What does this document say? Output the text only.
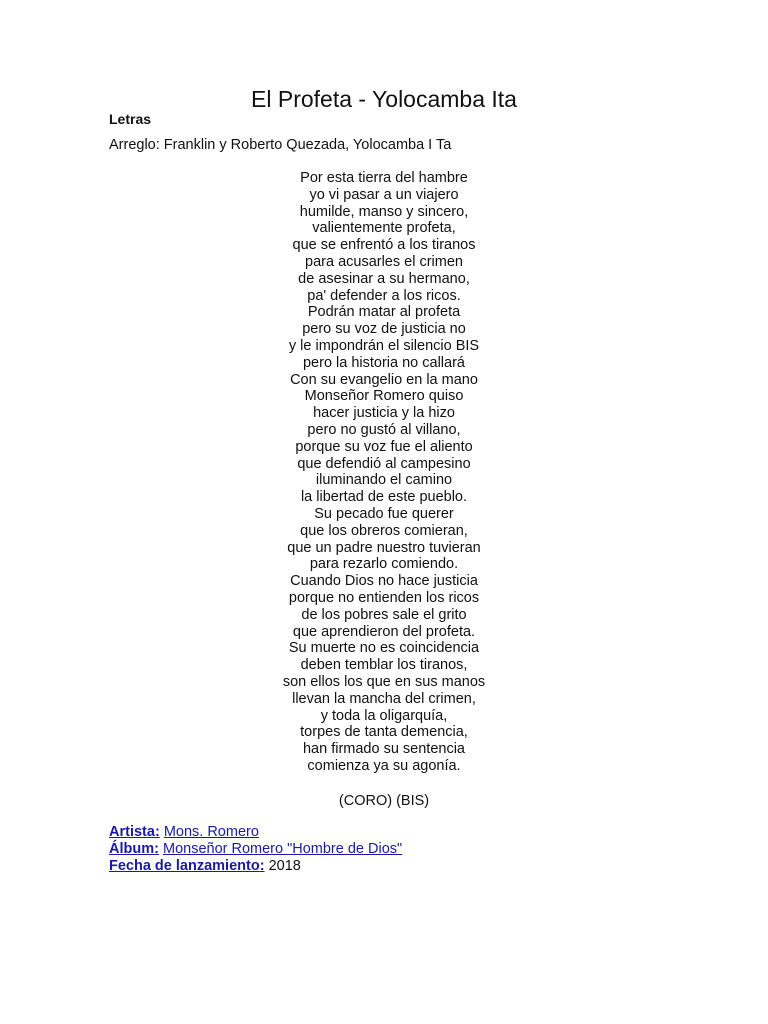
El Profeta - Yolocamba Ita
Letras
Arreglo: Franklin y Roberto Quezada, Yolocamba I Ta
Por esta tierra del hambre
yo vi pasar a un viajero
humilde, manso y sincero,
valientemente profeta,
que se enfrentó a los tiranos
para acusarles el crimen
de asesinar a su hermano,
pa' defender a los ricos.
Podrán matar al profeta
pero su voz de justicia no
y le impondrán el silencio BIS
pero la historia no callará
Con su evangelio en la mano
Monseñor Romero quiso
hacer justicia y la hizo
pero no gustó al villano,
porque su voz fue el aliento
que defendió al campesino
iluminando el camino
la libertad de este pueblo.
Su pecado fue querer
que los obreros comieran,
que un padre nuestro tuvieran
para rezarlo comiendo.
Cuando Dios no hace justicia
porque no entienden los ricos
de los pobres sale el grito
que aprendieron del profeta.
Su muerte no es coincidencia
deben temblar los tiranos,
son ellos los que en sus manos
llevan la mancha del crimen,
y toda la oligarquía,
torpes de tanta demencia,
han firmado su sentencia
comienza ya su agonía.
(CORO) (BIS)

Artista: Mons. Romero

Álbum: Monseñor Romero "Hombre de Dios"

Fecha de lanzamiento: 2018
